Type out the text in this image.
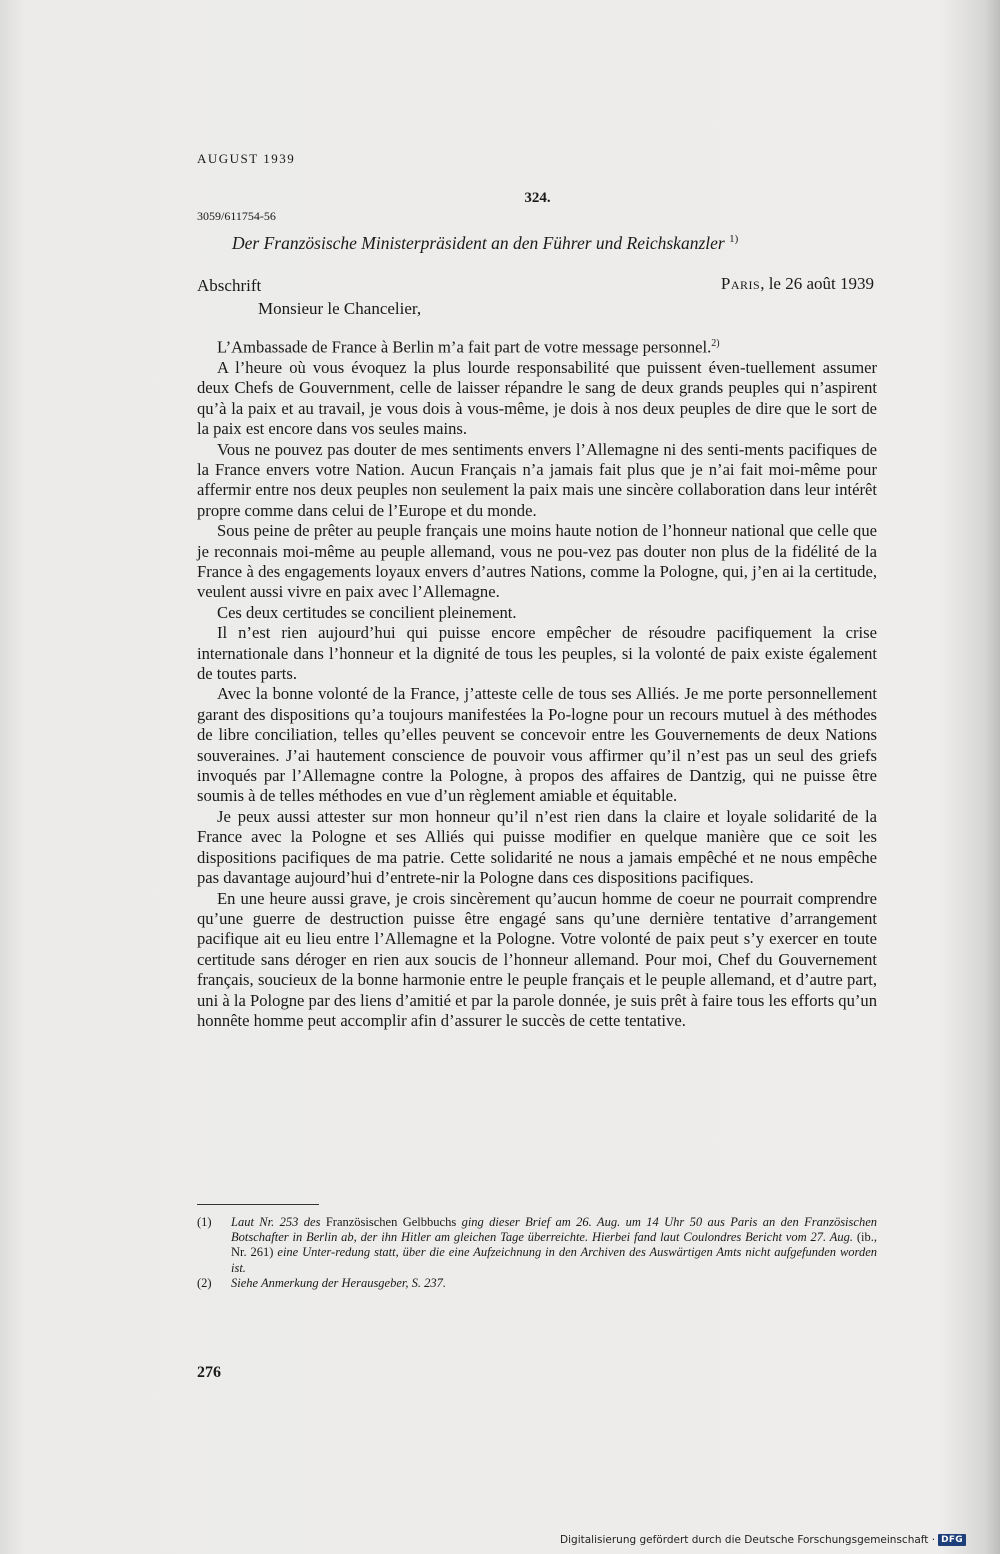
AUGUST 1939
324.
3059/611754-56
Der Französische Ministerpräsident an den Führer und Reichskanzler $^{1)}$
Abschrift	Paris, le 26 août 1939
Monsieur le Chancelier,

L’Ambassade de France à Berlin m’a fait part de votre message personnel.$^{2)}$

A l’heure où vous évoquez la plus lourde responsabilité que puissent éven-tuellement assumer deux Chefs de Gouvernment, celle de laisser répandre le sang de deux grands peuples qui n’aspirent qu’à la paix et au travail, je vous dois à vous-même, je dois à nos deux peuples de dire que le sort de la paix est encore dans vos seules mains.

Vous ne pouvez pas douter de mes sentiments envers l’Allemagne ni des senti-ments pacifiques de la France envers votre Nation. Aucun Français n’a jamais fait plus que je n’ai fait moi-même pour affermir entre nos deux peuples non seulement la paix mais une sincère collaboration dans leur intérêt propre comme dans celui de l’Europe et du monde.

Sous peine de prêter au peuple français une moins haute notion de l’honneur national que celle que je reconnais moi-même au peuple allemand, vous ne pou-vez pas douter non plus de la fidélité de la France à des engagements loyaux envers d’autres Nations, comme la Pologne, qui, j’en ai la certitude, veulent aussi vivre en paix avec l’Allemagne.

Ces deux certitudes se concilient pleinement.

Il n’est rien aujourd’hui qui puisse encore empêcher de résoudre pacifiquement la crise internationale dans l’honneur et la dignité de tous les peuples, si la volonté de paix existe également de toutes parts.

Avec la bonne volonté de la France, j’atteste celle de tous ses Alliés. Je me porte personnellement garant des dispositions qu’a toujours manifestées la Po-logne pour un recours mutuel à des méthodes de libre conciliation, telles qu’elles peuvent se concevoir entre les Gouvernements de deux Nations souveraines. J’ai hautement conscience de pouvoir vous affirmer qu’il n’est pas un seul des griefs invoqués par l’Allemagne contre la Pologne, à propos des affaires de Dantzig, qui ne puisse être soumis à de telles méthodes en vue d’un règlement amiable et équitable.

Je peux aussi attester sur mon honneur qu’il n’est rien dans la claire et loyale solidarité de la France avec la Pologne et ses Alliés qui puisse modifier en quelque manière que ce soit les dispositions pacifiques de ma patrie. Cette solidarité ne nous a jamais empêché et ne nous empêche pas davantage aujourd’hui d’entrete-nir la Pologne dans ces dispositions pacifiques.

En une heure aussi grave, je crois sincèrement qu’aucun homme de coeur ne pourrait comprendre qu’une guerre de destruction puisse être engagé sans qu’une dernière tentative d’arrangement pacifique ait eu lieu entre l’Allemagne et la Pologne. Votre volonté de paix peut s’y exercer en toute certitude sans déroger en rien aux soucis de l’honneur allemand. Pour moi, Chef du Gouvernement français, soucieux de la bonne harmonie entre le peuple français et le peuple allemand, et d’autre part, uni à la Pologne par des liens d’amitié et par la parole donnée, je suis prêt à faire tous les efforts qu’un honnête homme peut accomplir afin d’assurer le succès de cette tentative.

(1)	Laut Nr. 253 des Französischen Gelbbuchs ging dieser Brief am 26. Aug. um 14 Uhr 50 aus Paris an den Französischen Botschafter in Berlin ab, der ihn Hitler am gleichen Tage überreichte. Hierbei fand laut Coulondres Bericht vom 27. Aug. (ib., Nr. 261) eine Unter-redung statt, über die eine Aufzeichnung in den Archiven des Auswärtigen Amts nicht aufgefunden worden ist.
(2)	Siehe Anmerkung der Herausgeber, S. 237.
276
Digitalisierung gefördert durch die Deutsche Forschungsgemeinschaft · DFG
